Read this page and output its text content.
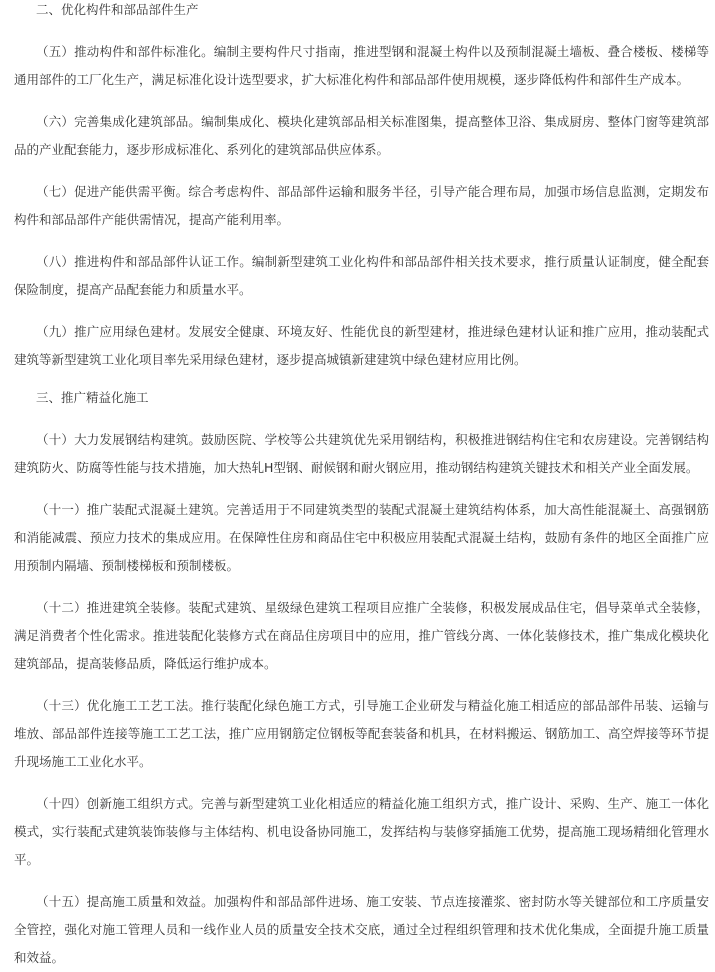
二、优化构件和部品部件生产

（五）推动构件和部件标准化。编制主要构件尺寸指南，推进型钢和混凝土构件以及预制混凝土墙板、叠合楼板、楼梯等通用部件的工厂化生产，满足标准化设计选型要求，扩大标准化构件和部品部件使用规模，逐步降低构件和部件生产成本。

（六）完善集成化建筑部品。编制集成化、模块化建筑部品相关标准图集，提高整体卫浴、集成厨房、整体门窗等建筑部品的产业配套能力，逐步形成标准化、系列化的建筑部品供应体系。

（七）促进产能供需平衡。综合考虑构件、部品部件运输和服务半径，引导产能合理布局，加强市场信息监测，定期发布构件和部品部件产能供需情况，提高产能利用率。

（八）推进构件和部品部件认证工作。编制新型建筑工业化构件和部品部件相关技术要求，推行质量认证制度，健全配套保险制度，提高产品配套能力和质量水平。

（九）推广应用绿色建材。发展安全健康、环境友好、性能优良的新型建材，推进绿色建材认证和推广应用，推动装配式建筑等新型建筑工业化项目率先采用绿色建材，逐步提高城镇新建建筑中绿色建材应用比例。

三、推广精益化施工

（十）大力发展钢结构建筑。鼓励医院、学校等公共建筑优先采用钢结构，积极推进钢结构住宅和农房建设。完善钢结构建筑防火、防腐等性能与技术措施，加大热轧H型钢、耐候钢和耐火钢应用，推动钢结构建筑关键技术和相关产业全面发展。

（十一）推广装配式混凝土建筑。完善适用于不同建筑类型的装配式混凝土建筑结构体系，加大高性能混凝土、高强钢筋和消能减震、预应力技术的集成应用。在保障性住房和商品住宅中积极应用装配式混凝土结构，鼓励有条件的地区全面推广应用预制内隔墙、预制楼梯板和预制楼板。

（十二）推进建筑全装修。装配式建筑、星级绿色建筑工程项目应推广全装修，积极发展成品住宅，倡导菜单式全装修，满足消费者个性化需求。推进装配化装修方式在商品住房项目中的应用，推广管线分离、一体化装修技术，推广集成化模块化建筑部品，提高装修品质，降低运行维护成本。

（十三）优化施工工艺工法。推行装配化绿色施工方式，引导施工企业研发与精益化施工相适应的部品部件吊装、运输与堆放、部品部件连接等施工工艺工法，推广应用钢筋定位钢板等配套装备和机具，在材料搬运、钢筋加工、高空焊接等环节提升现场施工工业化水平。

（十四）创新施工组织方式。完善与新型建筑工业化相适应的精益化施工组织方式，推广设计、采购、生产、施工一体化模式，实行装配式建筑装饰装修与主体结构、机电设备协同施工，发挥结构与装修穿插施工优势，提高施工现场精细化管理水平。

（十五）提高施工质量和效益。加强构件和部品部件进场、施工安装、节点连接灌浆、密封防水等关键部位和工序质量安全管控，强化对施工管理人员和一线作业人员的质量安全技术交底，通过全过程组织管理和技术优化集成，全面提升施工质量和效益。
